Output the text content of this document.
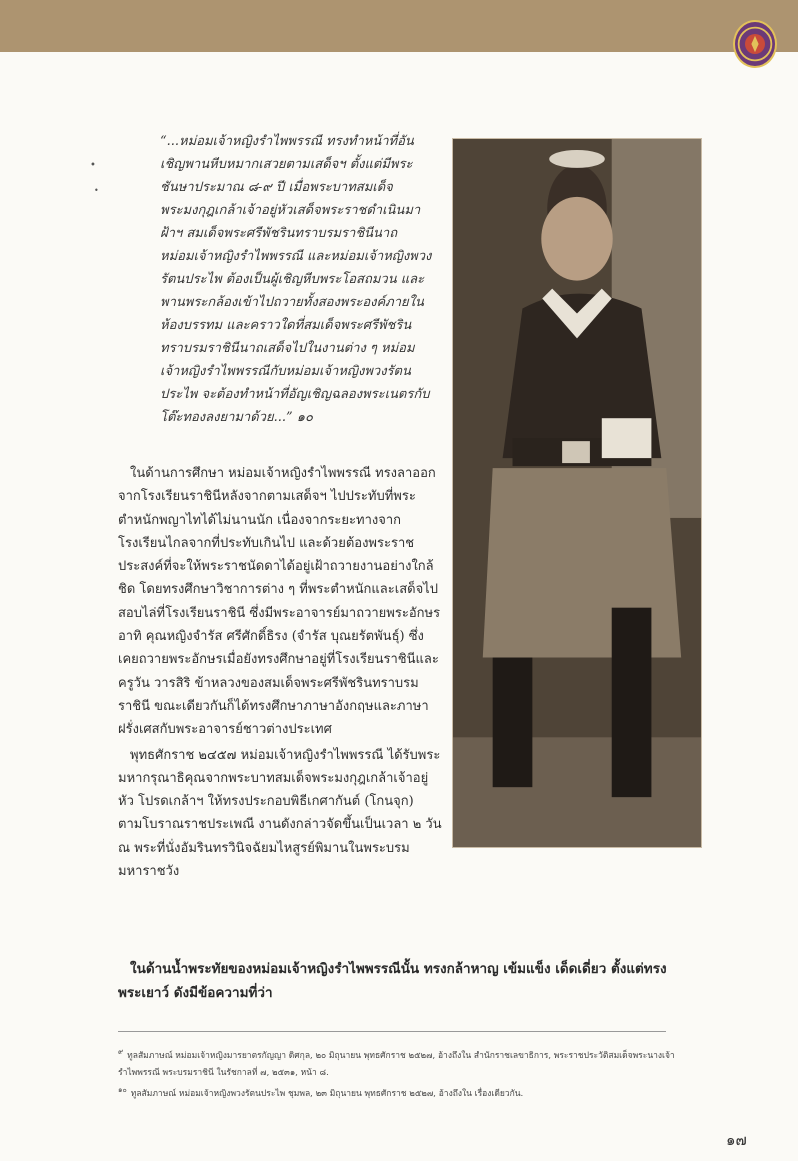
•
•

“...หม่อมเจ้าหญิงรำไพพรรณี ทรงทำหน้าที่อันเชิญพานหีบหมากเสวยตามเสด็จฯ ตั้งแต่มีพระชันษาประมาณ ๘-๙ ปี เมื่อพระบาทสมเด็จพระมงกุฎเกล้าเจ้าอยู่หัวเสด็จพระราชดำเนินมาฝ้าฯ สมเด็จพระศรีพัชรินทราบรมราชินีนาถ หม่อมเจ้าหญิงรำไพพรรณี และหม่อมเจ้าหญิงพวงรัตนประไพ ต้องเป็นผู้เชิญหีบพระโอสถมวน และพานพระกล้องเข้าไปถวายทั้งสองพระองค์ภายในห้องบรรทม และคราวใดที่สมเด็จพระศรีพัชรินทราบรมราชินีนาถเสด็จไปในงานต่าง ๆ หม่อมเจ้าหญิงรำไพพรรณีกับหม่อมเจ้าหญิงพวงรัตนประไพ จะต้องทำหน้าที่อัญเชิญฉลองพระเนตรกับโต๊ะทองลงยามาด้วย...” ๑๐

ในด้านการศึกษา หม่อมเจ้าหญิงรำไพพรรณี ทรงลาออกจากโรงเรียนราชินีหลังจากตามเสด็จฯ ไปประทับที่พระตำหนักพญาไทได้ไม่นานนัก เนื่องจากระยะทางจากโรงเรียนไกลจากที่ประทับเกินไป และด้วยต้องพระราชประสงค์ที่จะให้พระราชนัดดาได้อยู่เฝ้าถวายงานอย่างใกล้ชิด โดยทรงศึกษาวิชาการต่าง ๆ ที่พระตำหนักและเสด็จไปสอบไล่ที่โรงเรียนราชินี ซึ่งมีพระอาจารย์มาถวายพระอักษร อาทิ คุณหญิงจำรัส ศรีศักดิ์ธิรง (จำรัส บุณยรัตพันธุ์) ซึ่งเคยถวายพระอักษรเมื่อยังทรงศึกษาอยู่ที่โรงเรียนราชินีและครูวัน วารสิริ ข้าหลวงของสมเด็จพระศรีพัชรินทราบรมราชินี ขณะเดียวกันก็ได้ทรงศึกษาภาษาอังกฤษและภาษาฝรั่งเศสกับพระอาจารย์ชาวต่างประเทศ

พุทธศักราช ๒๔๕๗ หม่อมเจ้าหญิงรำไพพรรณี ได้รับพระมหากรุณาธิคุณจากพระบาทสมเด็จพระมงกุฎเกล้าเจ้าอยู่หัว โปรดเกล้าฯ ให้ทรงประกอบพิธีเกศากันต์ (โกนจุก) ตามโบราณราชประเพณี งานดังกล่าวจัดขึ้นเป็นเวลา ๒ วัน ณ พระที่นั่งอัมรินทรวินิจฉัยมไหสูรย์พิมานในพระบรมมหาราชวัง

ในด้านน้ำพระทัยของหม่อมเจ้าหญิงรำไพพรรณีนั้น ทรงกล้าหาญ เข้มแข็ง เด็ดเดี่ยว ตั้งแต่ทรงพระเยาว์ ดังมีข้อความที่ว่า

$^๙$ ทูลสัมภาษณ์ หม่อมเจ้าหญิงมารยาตรกัญญา ดิศกุล, ๒๐ มิถุนายน พุทธศักราช ๒๕๒๗, อ้างถึงใน สำนักราชเลขาธิการ, พระราชประวัติสมเด็จพระนางเจ้ารำไพพรรณี พระบรมราชินี ในรัชกาลที่ ๗, ๒๕๓๑, หน้า ๘.

$^{๑๐}$ ทูลสัมภาษณ์ หม่อมเจ้าหญิงพวงรัตนประไพ ชุมพล, ๒๓ มิถุนายน พุทธศักราช ๒๕๒๗, อ้างถึงใน เรื่องเดียวกัน.

๑๗
